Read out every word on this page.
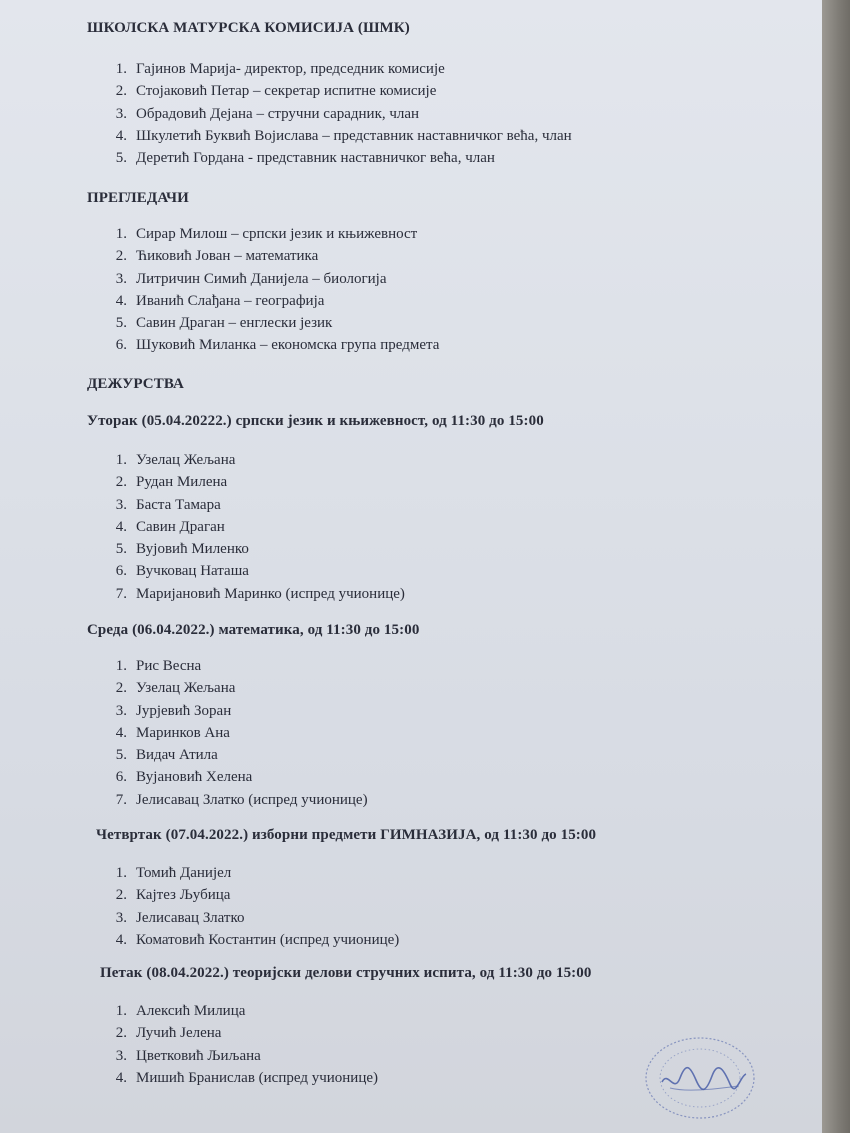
ШКОЛСКА МАТУРСКА КОМИСИЈА (ШМК)
1. Гајинов Марија- директор, председник комисије
2. Стојаковић Петар – секретар испитне комисије
3. Обрадовић Дејана – стручни сарадник, члан
4. Шкулетић Буквић Војислава – представник наставничког већа, члан
5. Деретић Гордана - представник наставничког већа, члан
ПРЕГЛЕДАЧИ
1. Сирар Милош – српски језик и књижевност
2. Ћиковић Јован – математика
3. Литричин Симић Данијела – биологија
4. Иванић Слађана – географија
5. Савин Драган – енглески језик
6. Шуковић Миланка – економска група предмета
ДЕЖУРСТВА
Уторак (05.04.20222.) српски језик и књижевност, од 11:30 до 15:00
1. Узелац Жељана
2. Рудан Милена
3. Баста Тамара
4. Савин Драган
5. Вујовић Миленко
6. Вучковац Наташа
7. Маријановић Маринко (испред учионице)
Среда (06.04.2022.) математика, од 11:30 до 15:00
1. Рис Весна
2. Узелац Жељана
3. Јурјевић Зоран
4. Маринков Ана
5. Видач Атила
6. Вујановић Хелена
7. Јелисавац Златко (испред учионице)
Четвртак (07.04.2022.) изборни предмети ГИМНАЗИЈА, од 11:30 до 15:00
1. Томић Данијел
2. Кајтез Љубица
3. Јелисавац Златко
4. Коматовић Костантин (испред учионице)
Петак (08.04.2022.) теоријски делови стручних испита, од 11:30 до 15:00
1. Алексић Милица
2. Лучић Јелена
3. Цветковић Љиљана
4. Мишић Бранислав (испред учионице)
